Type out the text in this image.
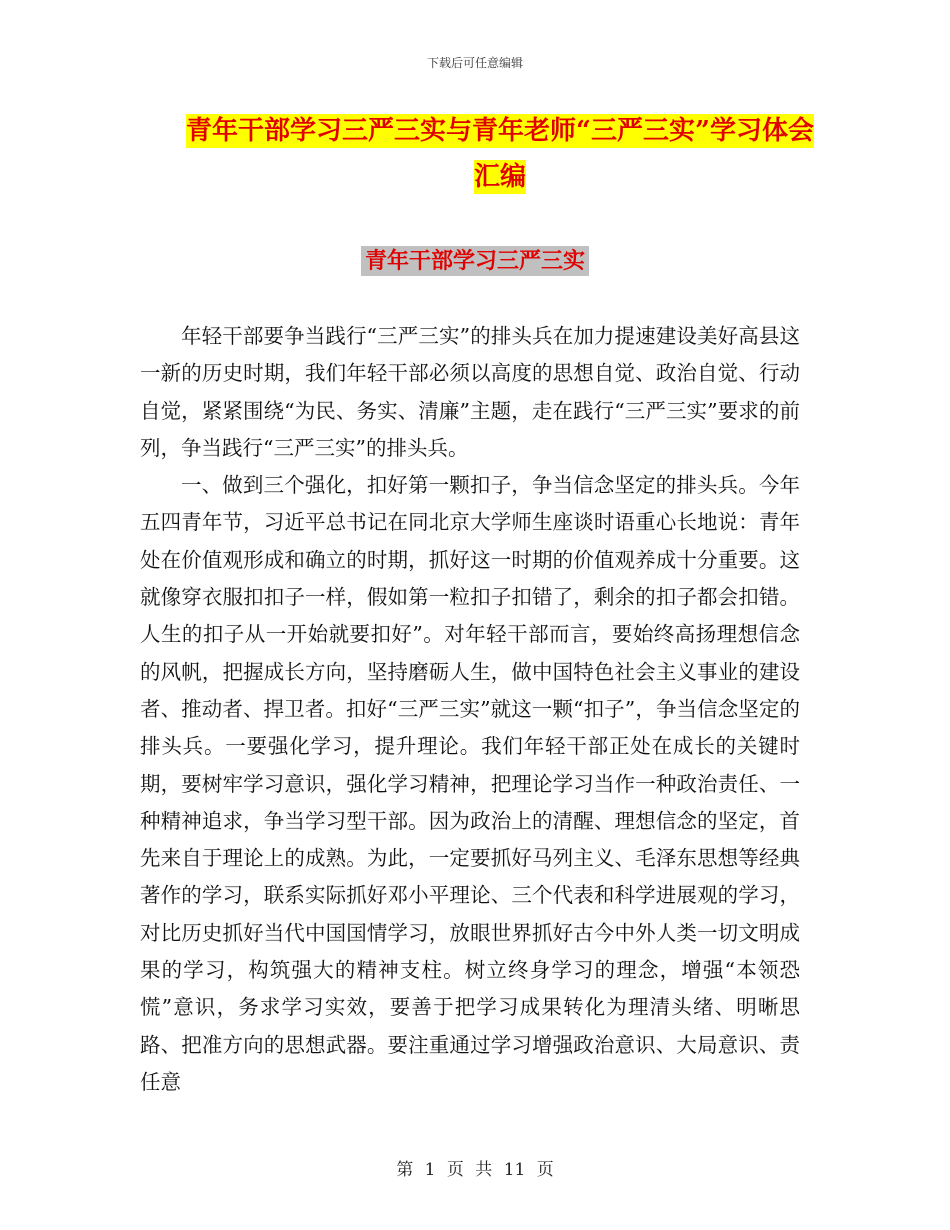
下载后可任意编辑
青年干部学习三严三实与青年老师“三严三实”学习体会汇编
青年干部学习三严三实

年轻干部要争当践行“三严三实”的排头兵在加力提速建设美好高县这一新的历史时期，我们年轻干部必须以高度的思想自觉、政治自觉、行动自觉，紧紧围绕“为民、务实、清廉”主题，走在践行“三严三实”要求的前列，争当践行“三严三实”的排头兵。

一、做到三个强化，扣好第一颗扣子，争当信念坚定的排头兵。今年五四青年节，习近平总书记在同北京大学师生座谈时语重心长地说：青年处在价值观形成和确立的时期，抓好这一时期的价值观养成十分重要。这就像穿衣服扣扣子一样，假如第一粒扣子扣错了，剩余的扣子都会扣错。人生的扣子从一开始就要扣好”。对年轻干部而言，要始终高扬理想信念的风帆，把握成长方向，坚持磨砺人生，做中国特色社会主义事业的建设者、推动者、捍卫者。扣好“三严三实”就这一颗“扣子”，争当信念坚定的排头兵。一要强化学习，提升理论。我们年轻干部正处在成长的关键时期，要树牢学习意识，强化学习精神，把理论学习当作一种政治责任、一种精神追求，争当学习型干部。因为政治上的清醒、理想信念的坚定，首先来自于理论上的成熟。为此，一定要抓好马列主义、毛泽东思想等经典著作的学习，联系实际抓好邓小平理论、三个代表和科学进展观的学习，对比历史抓好当代中国国情学习，放眼世界抓好古今中外人类一切文明成果的学习，构筑强大的精神支柱。树立终身学习的理念，增强“本领恐慌”意识，务求学习实效，要善于把学习成果转化为理清头绪、明晰思路、把准方向的思想武器。要注重通过学习增强政治意识、大局意识、责任意

第 1 页 共 11 页
